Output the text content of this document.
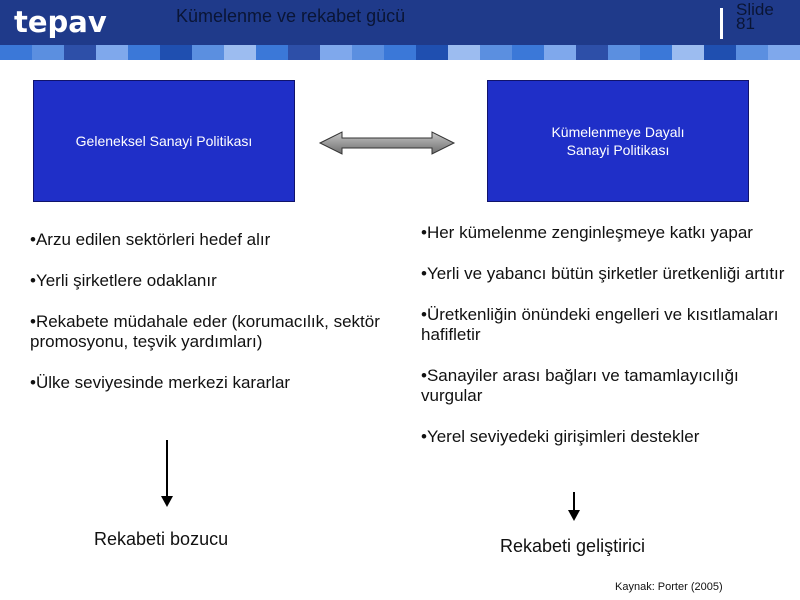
tepav	Kümelenme ve rekabet gücü	Slide
81
Geleneksel Sanayi Politikası
Kümelenmeye Dayalı
Sanayi Politikası
•Arzu edilen sektörleri hedef alır
•Yerli şirketlere odaklanır
•Rekabete müdahale eder (korumacılık, sektör promosyonu, teşvik yardımları)
•Ülke seviyesinde merkezi kararlar
•Her kümelenme zenginleşmeye katkı yapar
•Yerli ve yabancı bütün şirketler üretkenliği artıtır
•Üretkenliğin önündeki engelleri ve kısıtlamaları hafifletir
•Sanayiler arası bağları ve tamamlayıcılığı vurgular
•Yerel seviyedeki girişimleri destekler
Rekabeti bozucu	Rekabeti geliştirici
Kaynak: Porter (2005)
